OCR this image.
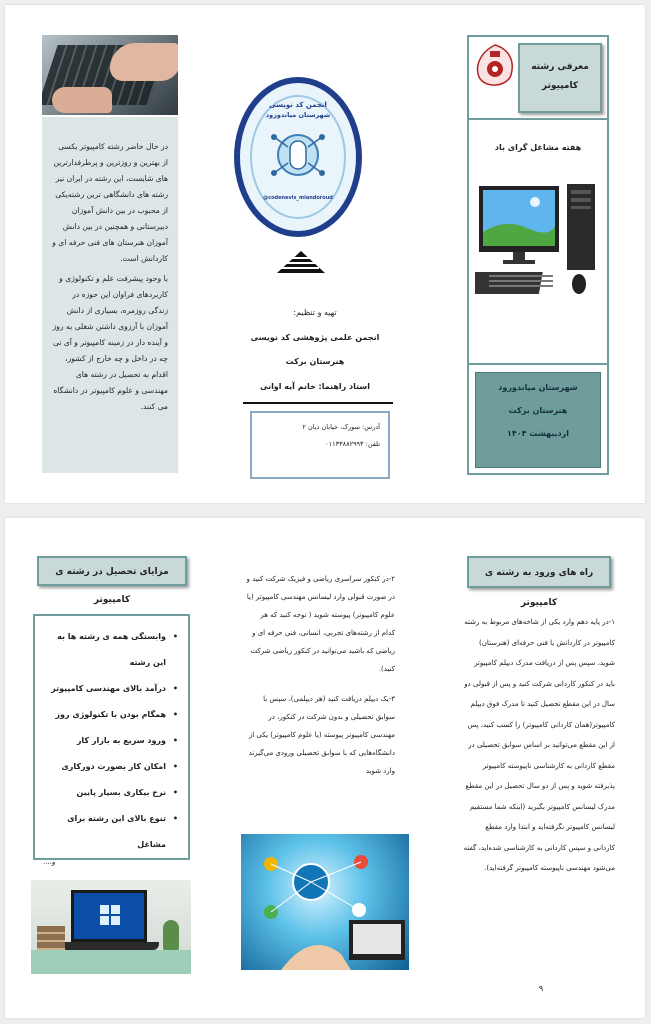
در حال حاضر رشته کامپیوتر یکسی از بهترین و روزترین و پرطرفدارترین های شایست، این رشته در ایران نیز رشته های دانشگاهی ترین رشته‌یکی از محبوب در بین دانش آموزان دبیرستانی و همچنین در بین دانش آموزان هنرستان های فنی حرفه ای و کاردانش است.

با وجود پیشرفت علم و تکنولوژی و کاربردهای فراوان این حوزه در زندگی روزمره، بسیاری از دانش آموزان با آرزوی داشتن شغلی به روز و آینده دار در زمینه کامپیوتر و آی تی چه در داخل و چه خارج از کشور، اقدام به تحصیل در رشته های مهندسی و علوم کامپیوتر در دانشگاه می کنند.

انجمن کد نویسی
شهرستان میاندورود
@codenevis_miandoroud
تهیه و تنظیم:
انجمن علمی پژوهشی کد نویسی
هنرستان برکت
استاد راهنما: خانم آیه اوانی
آدرس: سورک، خیابان دیان ۲
تلفن: ۰۱۱۳۳۸۸۲۹۹۳
معرفی رشته
کامپیوتر
هفته مشاغل گرای باد
شهرستان میاندورود
هنرستان برکت
اردیبهشت ۱۴۰۴
مزایای تحصیل در رشته ی کامپیوتر
• وابستگی همه ی رشته ها به این رشته
• درآمد بالای مهندسی کامپیوتر
• همگام بودن با تکنولوژی روز
• ورود سریع به بازار کار
• امکان کار بصورت دورکاری
• نرخ بیکاری بسیار پایین
• تنوع بالای این رشته برای مشاغل
و....

۲-در کنکور سراسری ریاضی و فیزیک شرکت کنید و در صورت قبولی وارد لیسانس مهندسی کامپیوتر (یا علوم کامپیوتر) پیوسته شوید ( توجه کنید که هر کدام از رشته‌های تجربی، انسانی، فنی حرفه ای و ریاضی که باشید می‌توانید در کنکور ریاضی شرکت کنید).

۳-یک دیپلم دریافت کنید (هر دیپلمی)، سپس با سوابق تحصیلی و بدون شرکت در کنکور، در مهندسی کامپیوتر پیوسته (یا علوم کامپیوتر) یکی از دانشگاه‌هایی که با سوابق تحصیلی ورودی می‌گیرند وارد شوید

راه های ورود به رشته ی کامپیوتر
۱-در پایه دهم وارد یکی از شاخه‌های مربوط به رشته کامپیوتر در کاردانش یا فنی حرفه‌ای (هنرستان) شوید، سپس پس از دریافت مدرک دیپلم کامپیوتر باید در کنکور کاردانی شرکت کنید و پس از قبولی دو سال در این مقطع تحصیل کنید تا مدرک فوق دیپلم کامپیوتر(همان کاردانی کامپیوتر) را کسب کنید، پس از این مقطع می‌توانید بر اساس سوابق تحصیلی در مقطع کاردانی به کارشناسی ناپیوسته کامپیوتر پذیرفته شوید و پس از دو سال تحصیل در این مقطع مدرک لیسانس کامپیوتر بگیرید (اینکه شما مستقیم لیسانس کامپیوتر نگرفته‌اید و ابتدا وارد مقطع کاردانی و سپس کاردانی به کارشناسی شده‌اید، گفته می‌شود مهندسی ناپیوسته کامپیوتر گرفته‌اید).
۹
